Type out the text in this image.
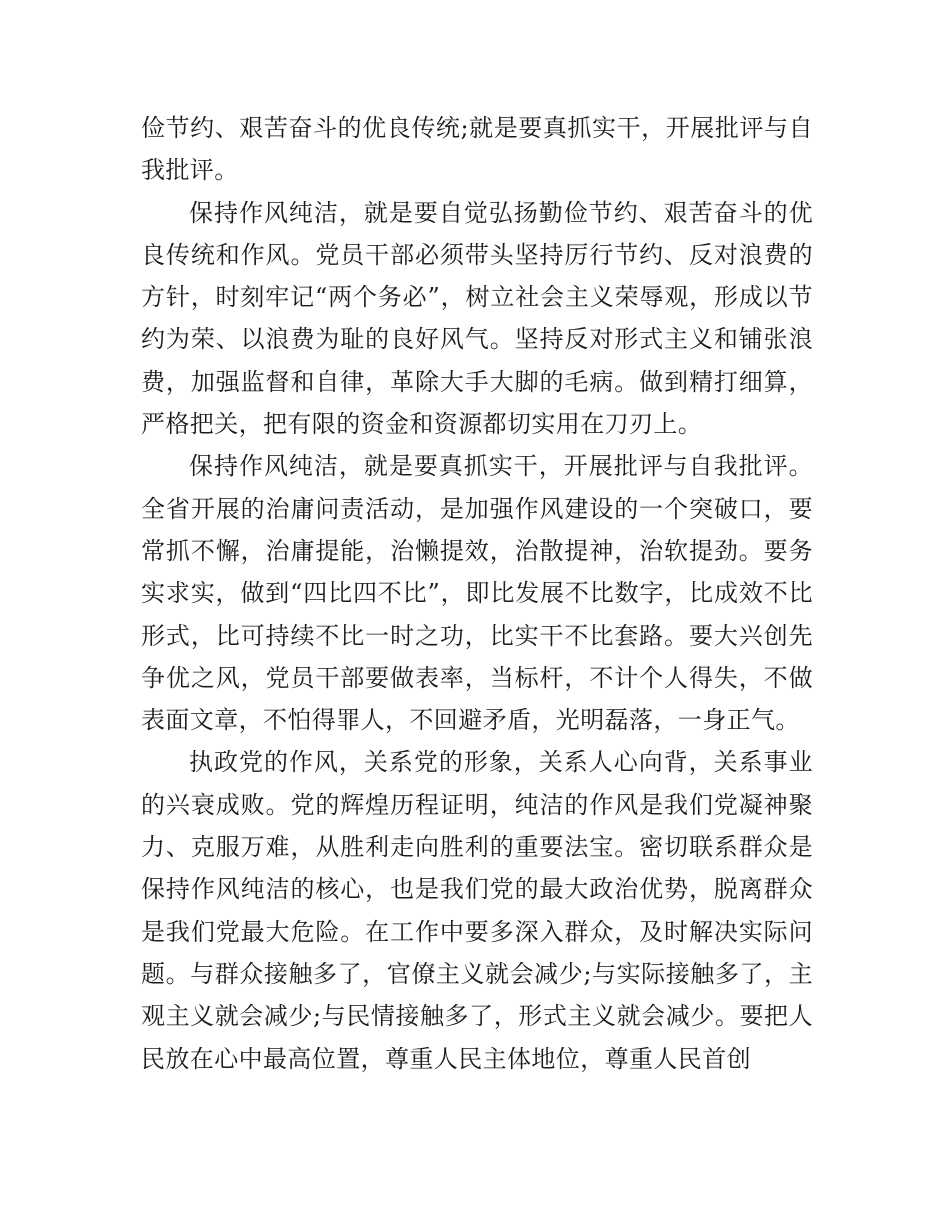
俭节约、艰苦奋斗的优良传统;就是要真抓实干，开展批评与自我批评。

保持作风纯洁，就是要自觉弘扬勤俭节约、艰苦奋斗的优良传统和作风。党员干部必须带头坚持厉行节约、反对浪费的方针，时刻牢记“两个务必”，树立社会主义荣辱观，形成以节约为荣、以浪费为耻的良好风气。坚持反对形式主义和铺张浪费，加强监督和自律，革除大手大脚的毛病。做到精打细算，严格把关，把有限的资金和资源都切实用在刀刃上。

保持作风纯洁，就是要真抓实干，开展批评与自我批评。全省开展的治庸问责活动，是加强作风建设的一个突破口，要常抓不懈，治庸提能，治懒提效，治散提神，治软提劲。要务实求实，做到“四比四不比”，即比发展不比数字，比成效不比形式，比可持续不比一时之功，比实干不比套路。要大兴创先争优之风，党员干部要做表率，当标杆，不计个人得失，不做表面文章，不怕得罪人，不回避矛盾，光明磊落，一身正气。

执政党的作风，关系党的形象，关系人心向背，关系事业的兴衰成败。党的辉煌历程证明，纯洁的作风是我们党凝神聚力、克服万难，从胜利走向胜利的重要法宝。密切联系群众是保持作风纯洁的核心，也是我们党的最大政治优势，脱离群众是我们党最大危险。在工作中要多深入群众，及时解决实际问题。与群众接触多了，官僚主义就会减少;与实际接触多了，主观主义就会减少;与民情接触多了，形式主义就会减少。要把人民放在心中最高位置，尊重人民主体地位，尊重人民首创
